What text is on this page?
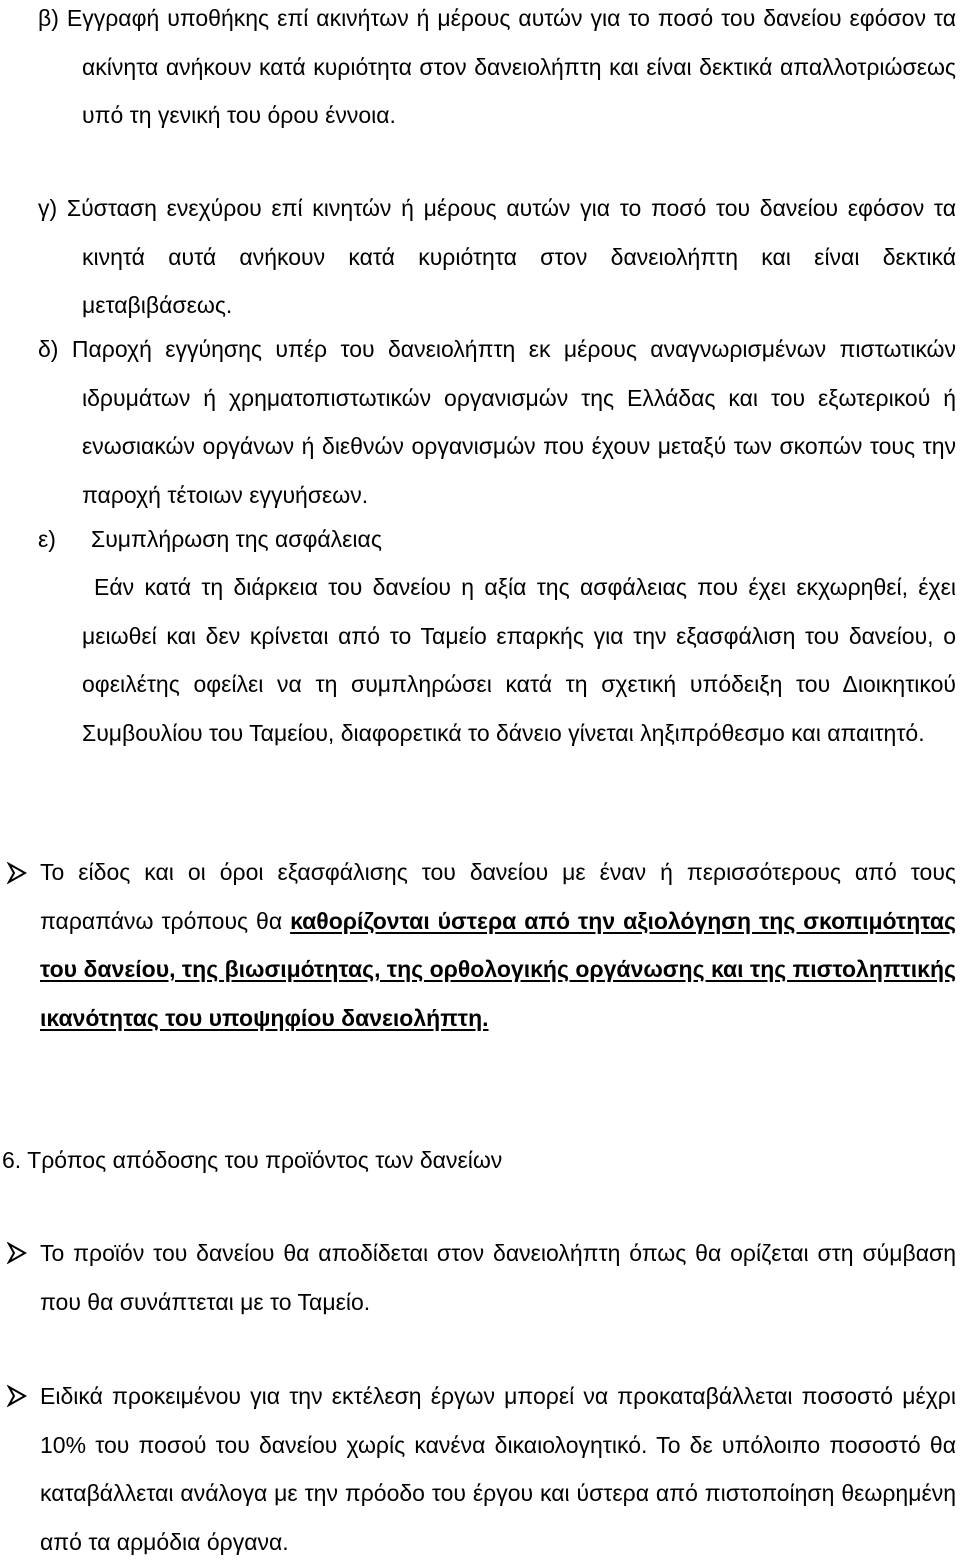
β) Εγγραφή υποθήκης επί ακινήτων ή μέρους αυτών για το ποσό του δανείου εφόσον τα ακίνητα ανήκουν κατά κυριότητα στον δανειολήπτη και είναι δεκτικά απαλλοτριώσεως υπό τη γενική του όρου έννοια.
γ) Σύσταση ενεχύρου επί κινητών ή μέρους αυτών για το ποσό του δανείου εφόσον τα κινητά αυτά ανήκουν κατά κυριότητα στον δανειολήπτη και είναι δεκτικά μεταβιβάσεως.
δ) Παροχή εγγύησης υπέρ του δανειολήπτη εκ μέρους αναγνωρισμένων πιστωτικών ιδρυμάτων ή χρηματοπιστωτικών οργανισμών της Ελλάδας και του εξωτερικού ή ενωσιακών οργάνων ή διεθνών οργανισμών που έχουν μεταξύ των σκοπών τους την παροχή τέτοιων εγγυήσεων.
ε) Συμπλήρωση της ασφάλειας
Εάν κατά τη διάρκεια του δανείου η αξία της ασφάλειας που έχει εκχωρηθεί, έχει μειωθεί και δεν κρίνεται από το Ταμείο επαρκής για την εξασφάλιση του δανείου, ο οφειλέτης οφείλει να τη συμπληρώσει κατά τη σχετική υπόδειξη του Διοικητικού Συμβουλίου του Ταμείου, διαφορετικά το δάνειο γίνεται ληξιπρόθεσμο και απαιτητό.
Το είδος και οι όροι εξασφάλισης του δανείου με έναν ή περισσότερους από τους παραπάνω τρόπους θα καθορίζονται ύστερα από την αξιολόγηση της σκοπιμότητας του δανείου, της βιωσιμότητας, της ορθολογικής οργάνωσης και της πιστοληπτικής ικανότητας του υποψηφίου δανειολήπτη.
6. Τρόπος απόδοσης του προϊόντος των δανείων
Το προϊόν του δανείου θα αποδίδεται στον δανειολήπτη όπως θα ορίζεται στη σύμβαση που θα συνάπτεται με το Ταμείο.
Ειδικά προκειμένου για την εκτέλεση έργων μπορεί να προκαταβάλλεται ποσοστό μέχρι 10% του ποσού του δανείου χωρίς κανένα δικαιολογητικό. Το δε υπόλοιπο ποσοστό θα καταβάλλεται ανάλογα με την πρόοδο του έργου και ύστερα από πιστοποίηση θεωρημένη από τα αρμόδια όργανα.
